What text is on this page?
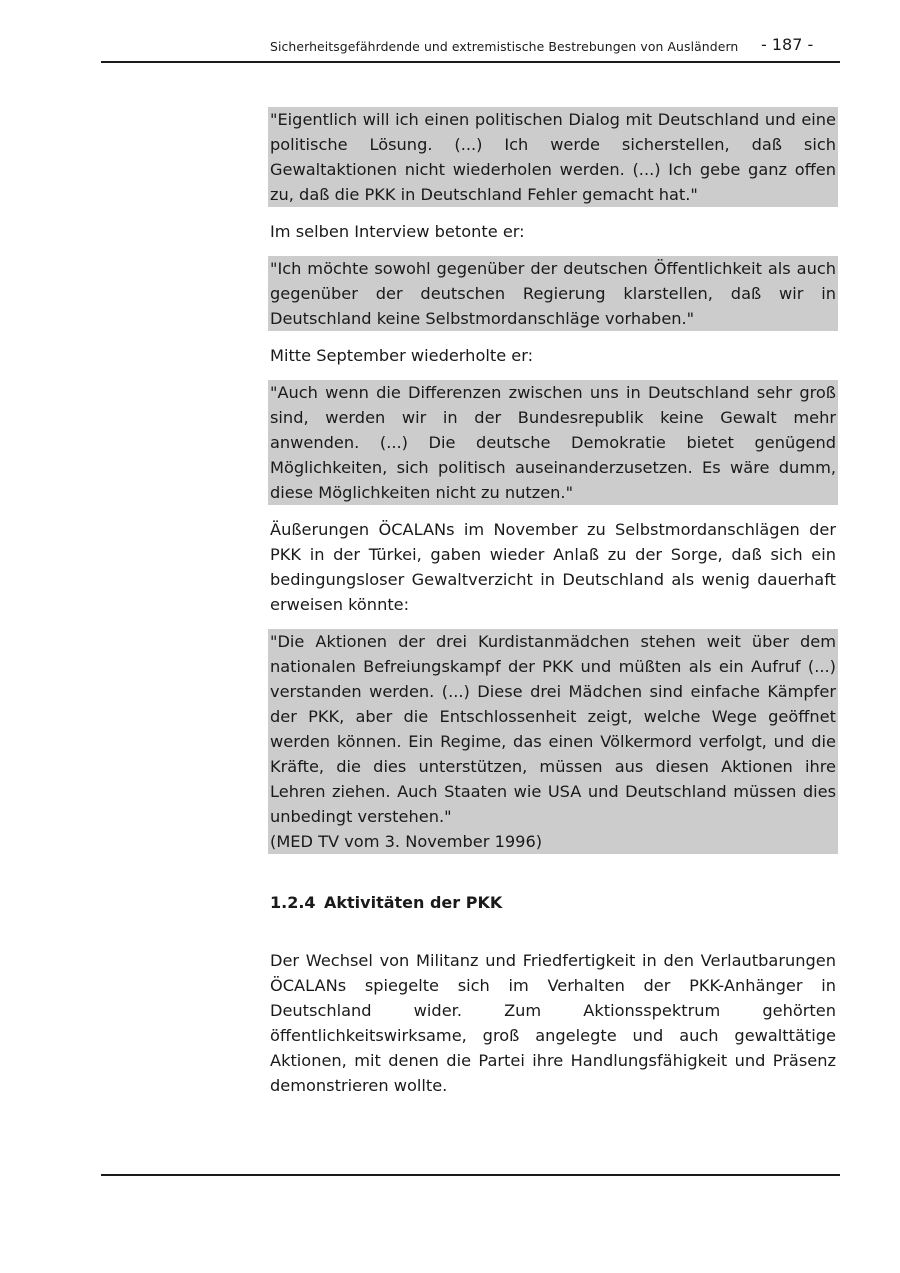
Sicherheitsgefährdende und extremistische Bestrebungen von Ausländern - 187 -

"Eigentlich will ich einen politischen Dialog mit Deutschland und eine politische Lösung. (...) Ich werde sicherstellen, daß sich Gewaltaktionen nicht wiederholen werden. (...) Ich gebe ganz offen zu, daß die PKK in Deutschland Fehler gemacht hat."

Im selben Interview betonte er:

"Ich möchte sowohl gegenüber der deutschen Öffentlichkeit als auch gegenüber der deutschen Regierung klarstellen, daß wir in Deutschland keine Selbstmordanschläge vorhaben."

Mitte September wiederholte er:

"Auch wenn die Differenzen zwischen uns in Deutschland sehr groß sind, werden wir in der Bundesrepublik keine Gewalt mehr anwenden. (...) Die deutsche Demokratie bietet genügend Möglichkeiten, sich politisch auseinanderzusetzen. Es wäre dumm, diese Möglichkeiten nicht zu nutzen."

Äußerungen ÖCALANs im November zu Selbstmordanschlägen der PKK in der Türkei, gaben wieder Anlaß zu der Sorge, daß sich ein bedingungsloser Gewaltverzicht in Deutschland als wenig dauerhaft erweisen könnte:

"Die Aktionen der drei Kurdistanmädchen stehen weit über dem nationalen Befreiungskampf der PKK und müßten als ein Aufruf (...) verstanden werden. (...) Diese drei Mädchen sind einfache Kämpfer der PKK, aber die Entschlossenheit zeigt, welche Wege geöffnet werden können. Ein Regime, das einen Völkermord verfolgt, und die Kräfte, die dies unterstützen, müssen aus diesen Aktionen ihre Lehren ziehen. Auch Staaten wie USA und Deutschland müssen dies unbedingt verstehen."
(MED TV vom 3. November 1996)
1.2.4 Aktivitäten der PKK

Der Wechsel von Militanz und Friedfertigkeit in den Verlautbarungen ÖCALANs spiegelte sich im Verhalten der PKK-Anhänger in Deutschland wider. Zum Aktionsspektrum gehörten öffentlichkeitswirksame, groß angelegte und auch gewalttätige Aktionen, mit denen die Partei ihre Handlungsfähigkeit und Präsenz demonstrieren wollte.
